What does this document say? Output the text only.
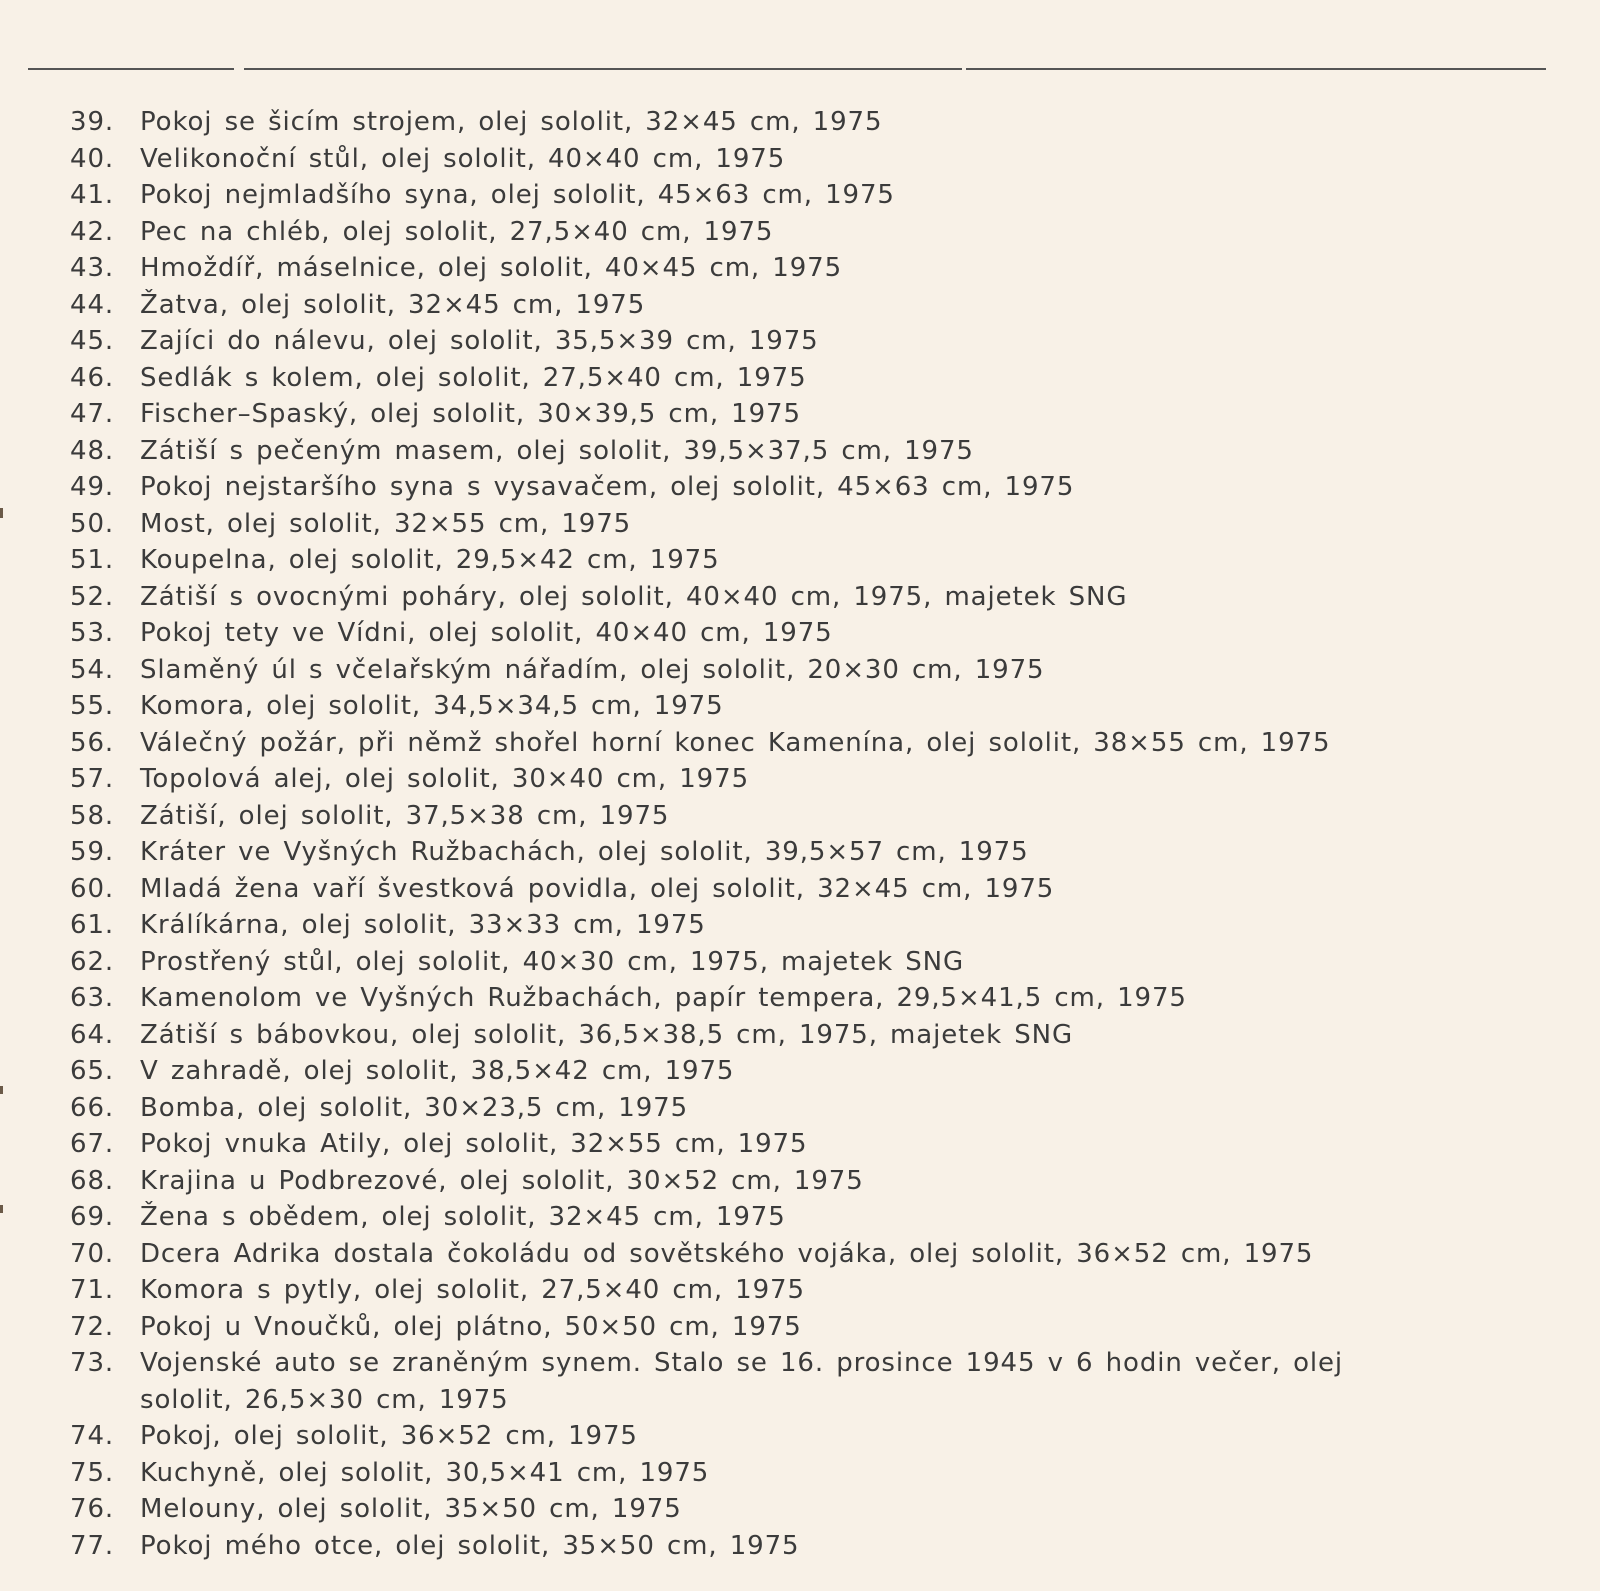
39. Pokoj se šicím strojem, olej sololit, 32×45 cm, 1975
40. Velikonoční stůl, olej sololit, 40×40 cm, 1975
41. Pokoj nejmladšího syna, olej sololit, 45×63 cm, 1975
42. Pec na chléb, olej sololit, 27,5×40 cm, 1975
43. Hmoždíř, máselnice, olej sololit, 40×45 cm, 1975
44. Žatva, olej sololit, 32×45 cm, 1975
45. Zajíci do nálevu, olej sololit, 35,5×39 cm, 1975
46. Sedlák s kolem, olej sololit, 27,5×40 cm, 1975
47. Fischer–Spaský, olej sololit, 30×39,5 cm, 1975
48. Zátiší s pečeným masem, olej sololit, 39,5×37,5 cm, 1975
49. Pokoj nejstaršího syna s vysavačem, olej sololit, 45×63 cm, 1975
50. Most, olej sololit, 32×55 cm, 1975
51. Koupelna, olej sololit, 29,5×42 cm, 1975
52. Zátiší s ovocnými poháry, olej sololit, 40×40 cm, 1975, majetek SNG
53. Pokoj tety ve Vídni, olej sololit, 40×40 cm, 1975
54. Slaměný úl s včelařským nářadím, olej sololit, 20×30 cm, 1975
55. Komora, olej sololit, 34,5×34,5 cm, 1975
56. Válečný požár, při němž shořel horní konec Kamenína, olej sololit, 38×55 cm, 1975
57. Topolová alej, olej sololit, 30×40 cm, 1975
58. Zátiší, olej sololit, 37,5×38 cm, 1975
59. Kráter ve Vyšných Ružbachách, olej sololit, 39,5×57 cm, 1975
60. Mladá žena vaří švestková povidla, olej sololit, 32×45 cm, 1975
61. Králíkárna, olej sololit, 33×33 cm, 1975
62. Prostřený stůl, olej sololit, 40×30 cm, 1975, majetek SNG
63. Kamenolom ve Vyšných Ružbachách, papír tempera, 29,5×41,5 cm, 1975
64. Zátiší s bábovkou, olej sololit, 36,5×38,5 cm, 1975, majetek SNG
65. V zahradě, olej sololit, 38,5×42 cm, 1975
66. Bomba, olej sololit, 30×23,5 cm, 1975
67. Pokoj vnuka Atily, olej sololit, 32×55 cm, 1975
68. Krajina u Podbrezové, olej sololit, 30×52 cm, 1975
69. Žena s obědem, olej sololit, 32×45 cm, 1975
70. Dcera Adrika dostala čokoládu od sovětského vojáka, olej sololit, 36×52 cm, 1975
71. Komora s pytly, olej sololit, 27,5×40 cm, 1975
72. Pokoj u Vnoučků, olej plátno, 50×50 cm, 1975
73. Vojenské auto se zraněným synem. Stalo se 16. prosince 1945 v 6 hodin večer, olej sololit, 26,5×30 cm, 1975
74. Pokoj, olej sololit, 36×52 cm, 1975
75. Kuchyně, olej sololit, 30,5×41 cm, 1975
76. Melouny, olej sololit, 35×50 cm, 1975
77. Pokoj mého otce, olej sololit, 35×50 cm, 1975
